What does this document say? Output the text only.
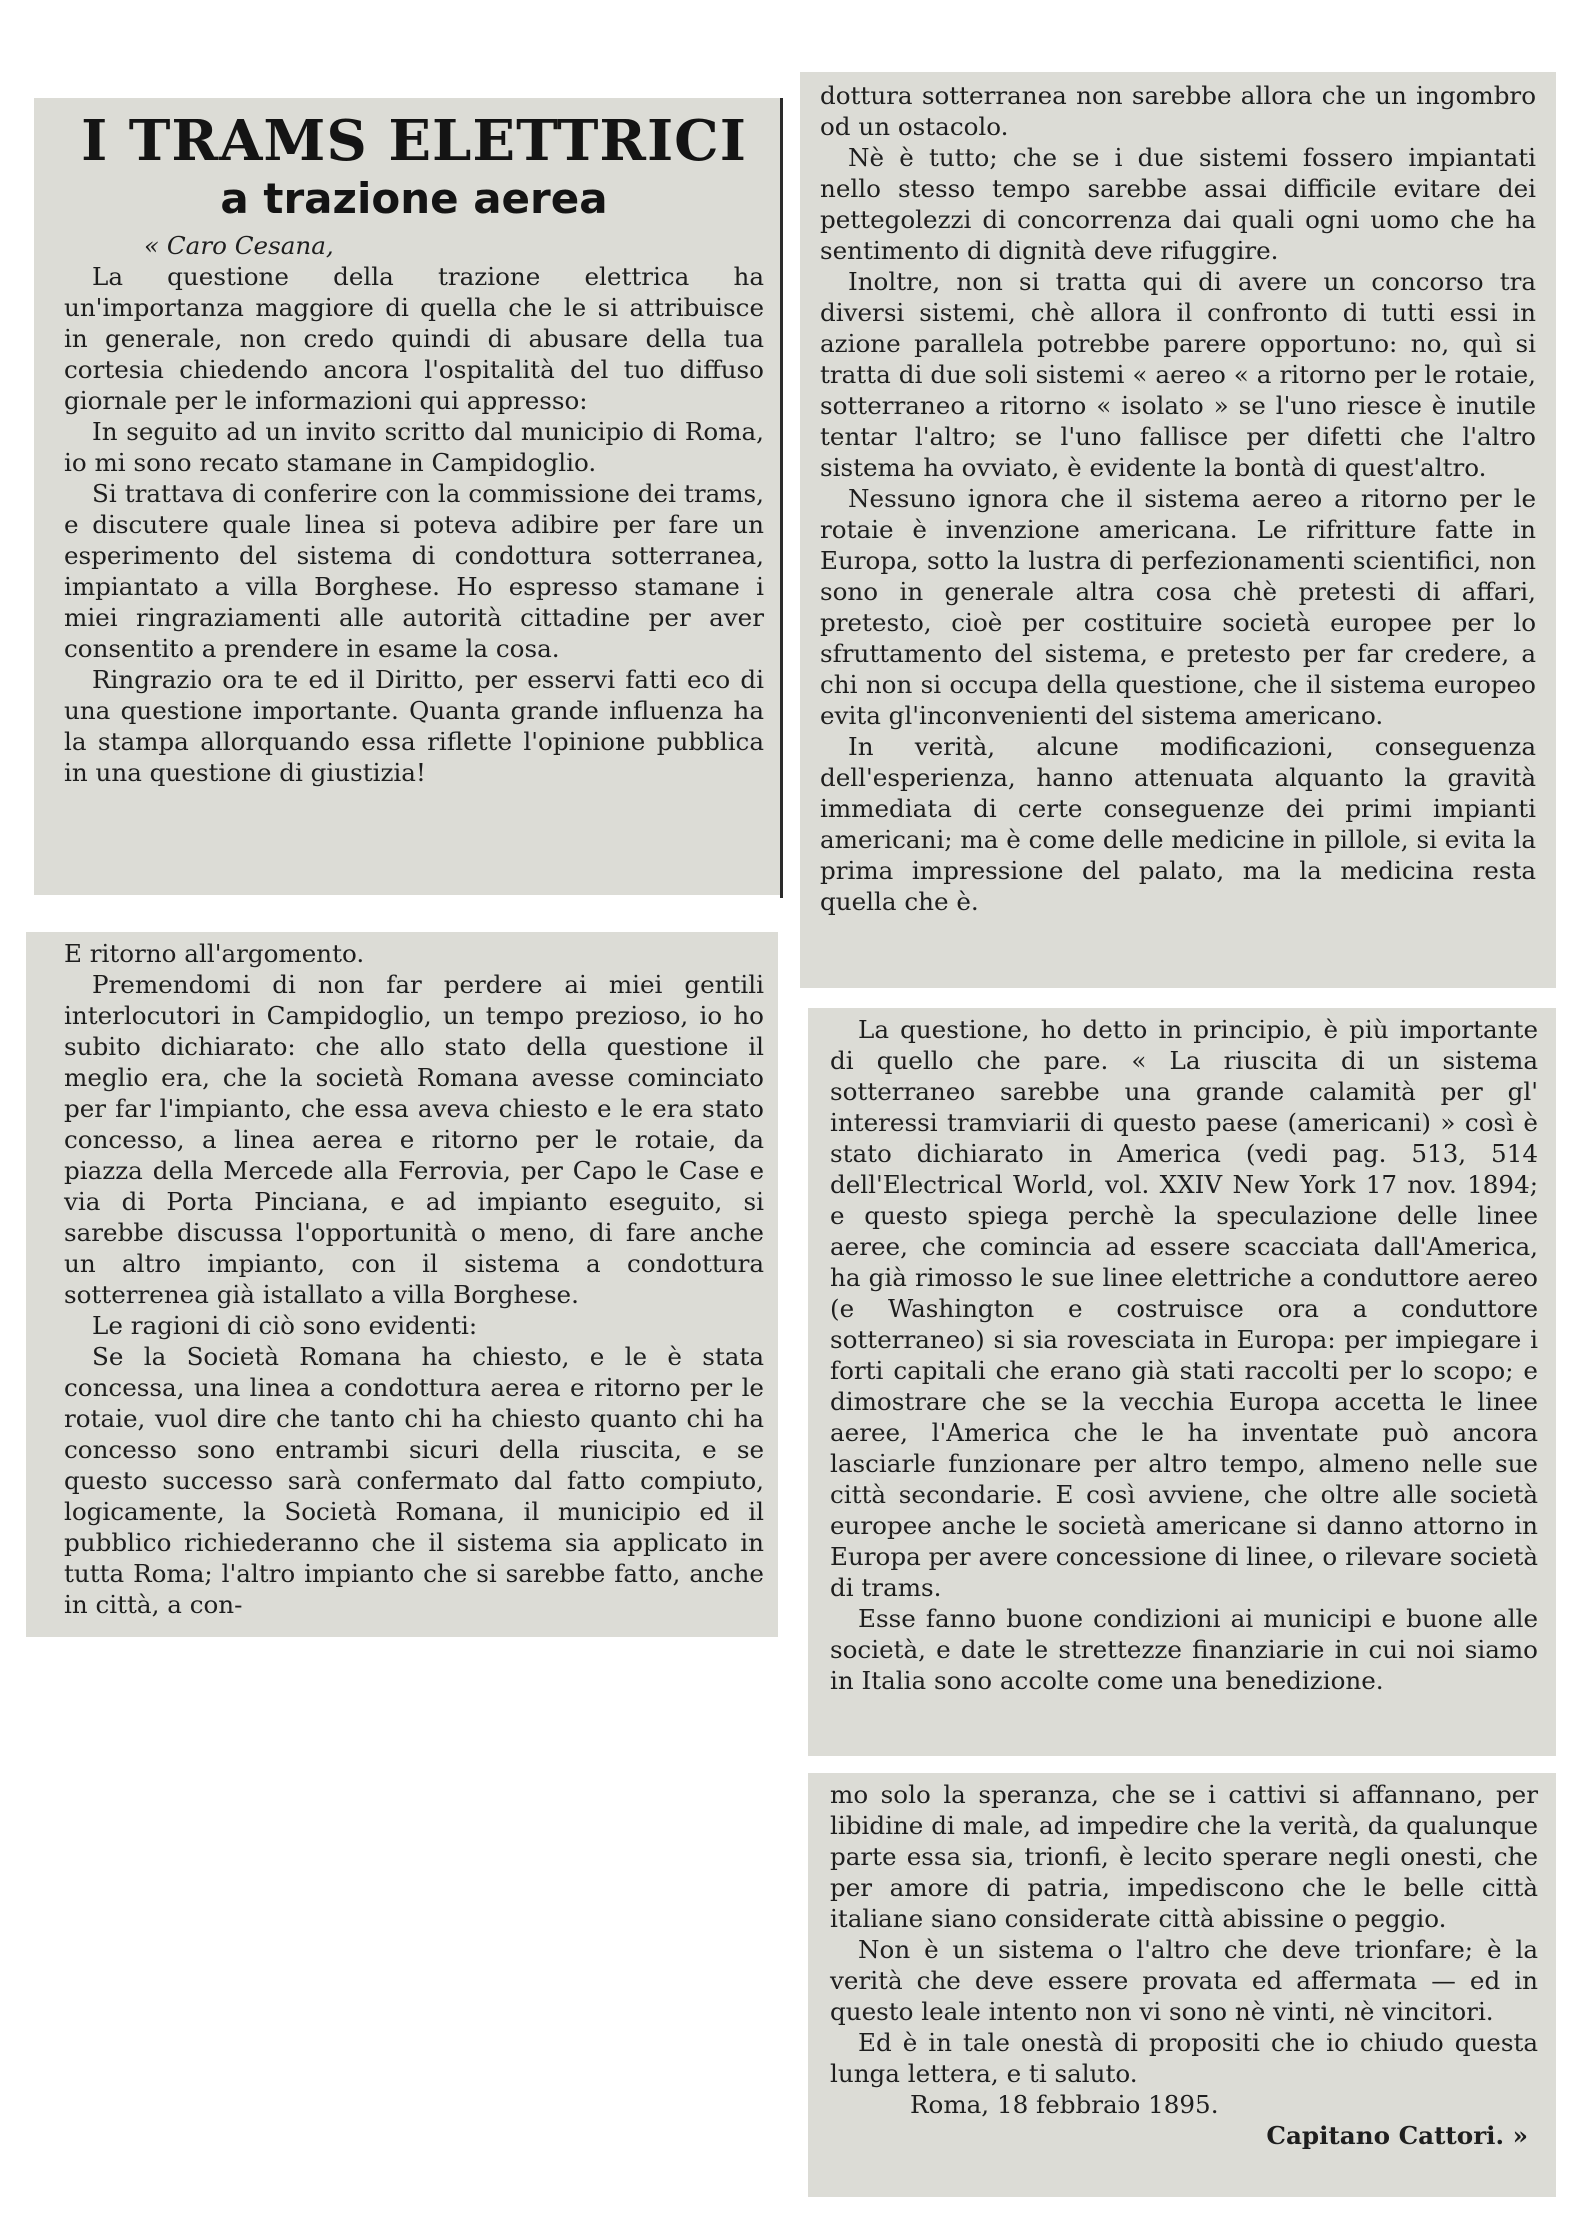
I TRAMS ELETTRICI
a trazione aerea

« Caro Cesana,

La questione della trazione elettrica ha un'importanza maggiore di quella che le si attribuisce in generale, non credo quindi di abusare della tua cortesia chiedendo ancora l'ospitalità del tuo diffuso giornale per le informazioni qui appresso:

In seguito ad un invito scritto dal municipio di Roma, io mi sono recato stamane in Campidoglio.

Si trattava di conferire con la commissione dei trams, e discutere quale linea si poteva adibire per fare un esperimento del sistema di condottura sotterranea, impiantato a villa Borghese. Ho espresso stamane i miei ringraziamenti alle autorità cittadine per aver consentito a prendere in esame la cosa.

Ringrazio ora te ed il Diritto, per esservi fatti eco di una questione importante. Quanta grande influenza ha la stampa allorquando essa riflette l'opinione pubblica in una questione di giustizia!

dottura sotterranea non sarebbe allora che un ingombro od un ostacolo.

Nè è tutto; che se i due sistemi fossero impiantati nello stesso tempo sarebbe assai difficile evitare dei pettegolezzi di concorrenza dai quali ogni uomo che ha sentimento di dignità deve rifuggire.

Inoltre, non si tratta qui di avere un concorso tra diversi sistemi, chè allora il confronto di tutti essi in azione parallela potrebbe parere opportuno: no, quì si tratta di due soli sistemi « aereo « a ritorno per le rotaie, sotterraneo a ritorno « isolato » se l'uno riesce è inutile tentar l'altro; se l'uno fallisce per difetti che l'altro sistema ha ovviato, è evidente la bontà di quest'altro.

Nessuno ignora che il sistema aereo a ritorno per le rotaie è invenzione americana. Le rifritture fatte in Europa, sotto la lustra di perfezionamenti scientifici, non sono in generale altra cosa chè pretesti di affari, pretesto, cioè per costituire società europee per lo sfruttamento del sistema, e pretesto per far credere, a chi non si occupa della questione, che il sistema europeo evita gl'inconvenienti del sistema americano.

In verità, alcune modificazioni, conseguenza dell'esperienza, hanno attenuata alquanto la gravità immediata di certe conseguenze dei primi impianti americani; ma è come delle medicine in pillole, si evita la prima impressione del palato, ma la medicina resta quella che è.

E ritorno all'argomento.

Premendomi di non far perdere ai miei gentili interlocutori in Campidoglio, un tempo prezioso, io ho subito dichiarato: che allo stato della questione il meglio era, che la società Romana avesse cominciato per far l'impianto, che essa aveva chiesto e le era stato concesso, a linea aerea e ritorno per le rotaie, da piazza della Mercede alla Ferrovia, per Capo le Case e via di Porta Pinciana, e ad impianto eseguito, si sarebbe discussa l'opportunità o meno, di fare anche un altro impianto, con il sistema a condottura sotterrenea già istallato a villa Borghese.

Le ragioni di ciò sono evidenti:

Se la Società Romana ha chiesto, e le è stata concessa, una linea a condottura aerea e ritorno per le rotaie, vuol dire che tanto chi ha chiesto quanto chi ha concesso sono entrambi sicuri della riuscita, e se questo successo sarà confermato dal fatto compiuto, logicamente, la Società Romana, il municipio ed il pubblico richiederanno che il sistema sia applicato in tutta Roma; l'altro impianto che si sarebbe fatto, anche in città, a con-

La questione, ho detto in principio, è più importante di quello che pare. « La riuscita di un sistema sotterraneo sarebbe una grande calamità per gl' interessi tramviarii di questo paese (americani) » così è stato dichiarato in America (vedi pag. 513, 514 dell'Electrical World, vol. XXIV New York 17 nov. 1894; e questo spiega perchè la speculazione delle linee aeree, che comincia ad essere scacciata dall'America, ha già rimosso le sue linee elettriche a conduttore aereo (e Washington e costruisce ora a conduttore sotterraneo) si sia rovesciata in Europa: per impiegare i forti capitali che erano già stati raccolti per lo scopo; e dimostrare che se la vecchia Europa accetta le linee aeree, l'America che le ha inventate può ancora lasciarle funzionare per altro tempo, almeno nelle sue città secondarie. E così avviene, che oltre alle società europee anche le società americane si danno attorno in Europa per avere concessione di linee, o rilevare società di trams.

Esse fanno buone condizioni ai municipi e buone alle società, e date le strettezze finanziarie in cui noi siamo in Italia sono accolte come una benedizione.

mo solo la speranza, che se i cattivi si affannano, per libidine di male, ad impedire che la verità, da qualunque parte essa sia, trionfi, è lecito sperare negli onesti, che per amore di patria, impediscono che le belle città italiane siano considerate città abissine o peggio.

Non è un sistema o l'altro che deve trionfare; è la verità che deve essere provata ed affermata — ed in questo leale intento non vi sono nè vinti, nè vincitori.

Ed è in tale onestà di propositi che io chiudo questa lunga lettera, e ti saluto.

Roma, 18 febbraio 1895.

Capitano Cattori. »
